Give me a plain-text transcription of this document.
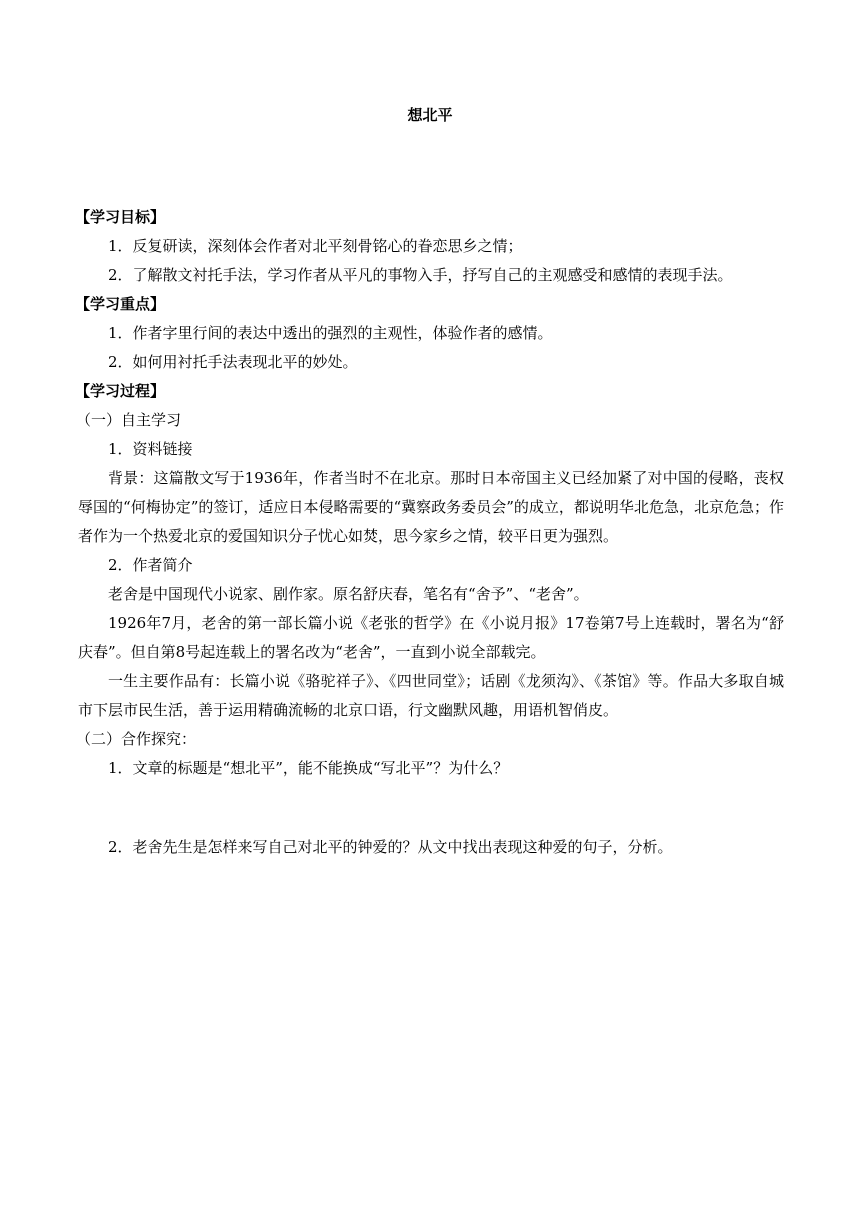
想北平

【学习目标】

1．反复研读，深刻体会作者对北平刻骨铭心的眷恋思乡之情；

2．了解散文衬托手法，学习作者从平凡的事物入手，抒写自己的主观感受和感情的表现手法。

【学习重点】

1．作者字里行间的表达中透出的强烈的主观性，体验作者的感情。

2．如何用衬托手法表现北平的妙处。

【学习过程】

（一）自主学习

1．资料链接

背景：这篇散文写于1936年，作者当时不在北京。那时日本帝国主义已经加紧了对中国的侵略，丧权辱国的“何梅协定”的签订，适应日本侵略需要的“冀察政务委员会”的成立，都说明华北危急，北京危急；作者作为一个热爱北京的爱国知识分子忧心如焚，思今家乡之情，较平日更为强烈。

2．作者简介

老舍是中国现代小说家、剧作家。原名舒庆春，笔名有“舍予”、“老舍”。

1926年7月，老舍的第一部长篇小说《老张的哲学》在《小说月报》17卷第7号上连载时，署名为“舒庆春”。但自第8号起连载上的署名改为“老舍”，一直到小说全部载完。

一生主要作品有：长篇小说《骆驼祥子》、《四世同堂》；话剧《龙须沟》、《茶馆》等。作品大多取自城市下层市民生活，善于运用精确流畅的北京口语，行文幽默风趣，用语机智俏皮。

（二）合作探究：

1．文章的标题是“想北平”，能不能换成“写北平”？为什么？

2．老舍先生是怎样来写自己对北平的钟爱的？从文中找出表现这种爱的句子，分析。
